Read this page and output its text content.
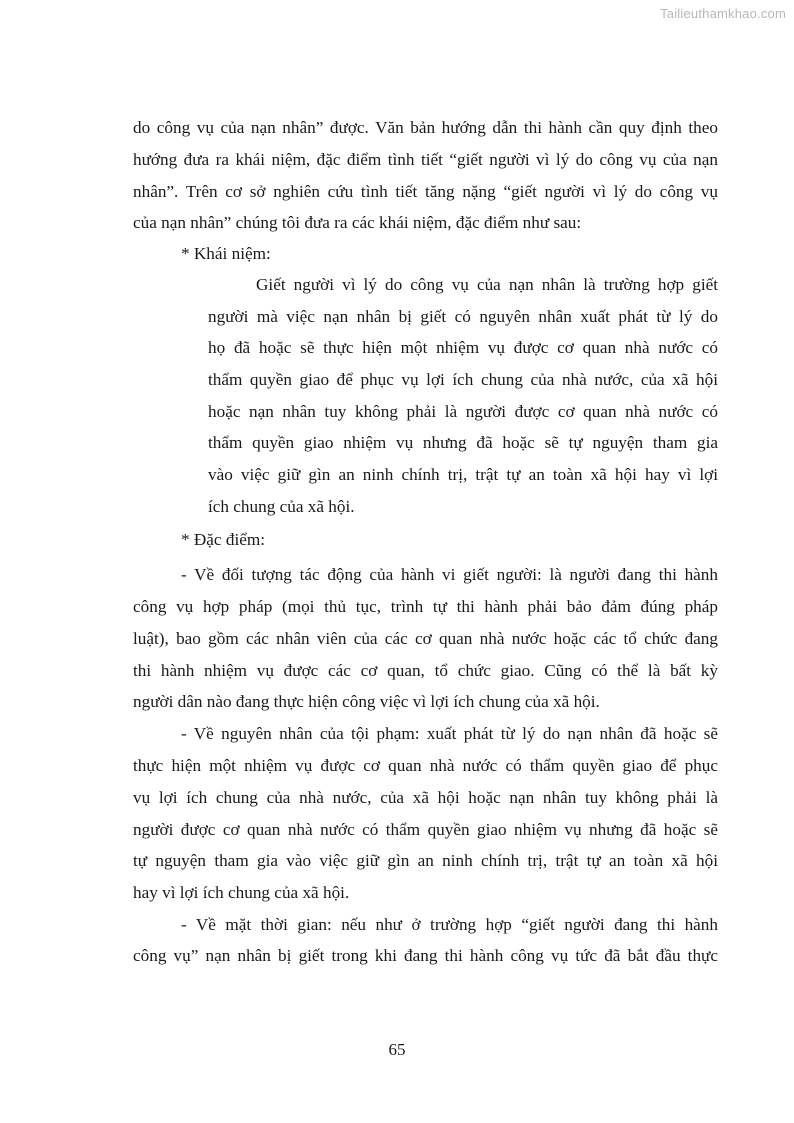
Tailieuthamkhao.com
do công vụ của nạn nhân” được. Văn bản hướng dẫn thi hành cần quy định theo
hướng đưa ra khái niệm, đặc điểm tình tiết “giết người vì lý do công vụ của nạn
nhân”. Trên cơ sở nghiên cứu tình tiết tăng nặng “giết người vì lý do công vụ
của nạn nhân” chúng tôi đưa ra các khái niệm, đặc điểm như sau:
* Khái niệm:
Giết người vì lý do công vụ của nạn nhân là trường hợp giết
người mà việc nạn nhân bị giết có nguyên nhân xuất phát từ lý do
họ đã hoặc sẽ thực hiện một nhiệm vụ được cơ quan nhà nước có
thẩm quyền giao để phục vụ lợi ích chung của nhà nước, của xã hội
hoặc nạn nhân tuy không phải là người được cơ quan nhà nước có
thẩm quyền giao nhiệm vụ nhưng đã hoặc sẽ tự nguyện tham gia
vào việc giữ gìn an ninh chính trị, trật tự an toàn xã hội hay vì lợi
ích chung của xã hội.
* Đặc điểm:
- Về đối tượng tác động của hành vi giết người: là người đang thi hành
công vụ hợp pháp (mọi thủ tục, trình tự thi hành phải bảo đảm đúng pháp
luật), bao gồm các nhân viên của các cơ quan nhà nước hoặc các tổ chức đang
thi hành nhiệm vụ được các cơ quan, tổ chức giao. Cũng có thể là bất kỳ
người dân nào đang thực hiện công việc vì lợi ích chung của xã hội.
- Về nguyên nhân của tội phạm: xuất phát từ lý do nạn nhân đã hoặc sẽ
thực hiện một nhiệm vụ được cơ quan nhà nước có thẩm quyền giao để phục
vụ lợi ích chung của nhà nước, của xã hội hoặc nạn nhân tuy không phải là
người được cơ quan nhà nước có thẩm quyền giao nhiệm vụ nhưng đã hoặc sẽ
tự nguyện tham gia vào việc giữ gìn an ninh chính trị, trật tự an toàn xã hội
hay vì lợi ích chung của xã hội.
- Về mặt thời gian: nếu như ở trường hợp “giết người đang thi hành
công vụ” nạn nhân bị giết trong khi đang thi hành công vụ tức đã bắt đầu thực
65
